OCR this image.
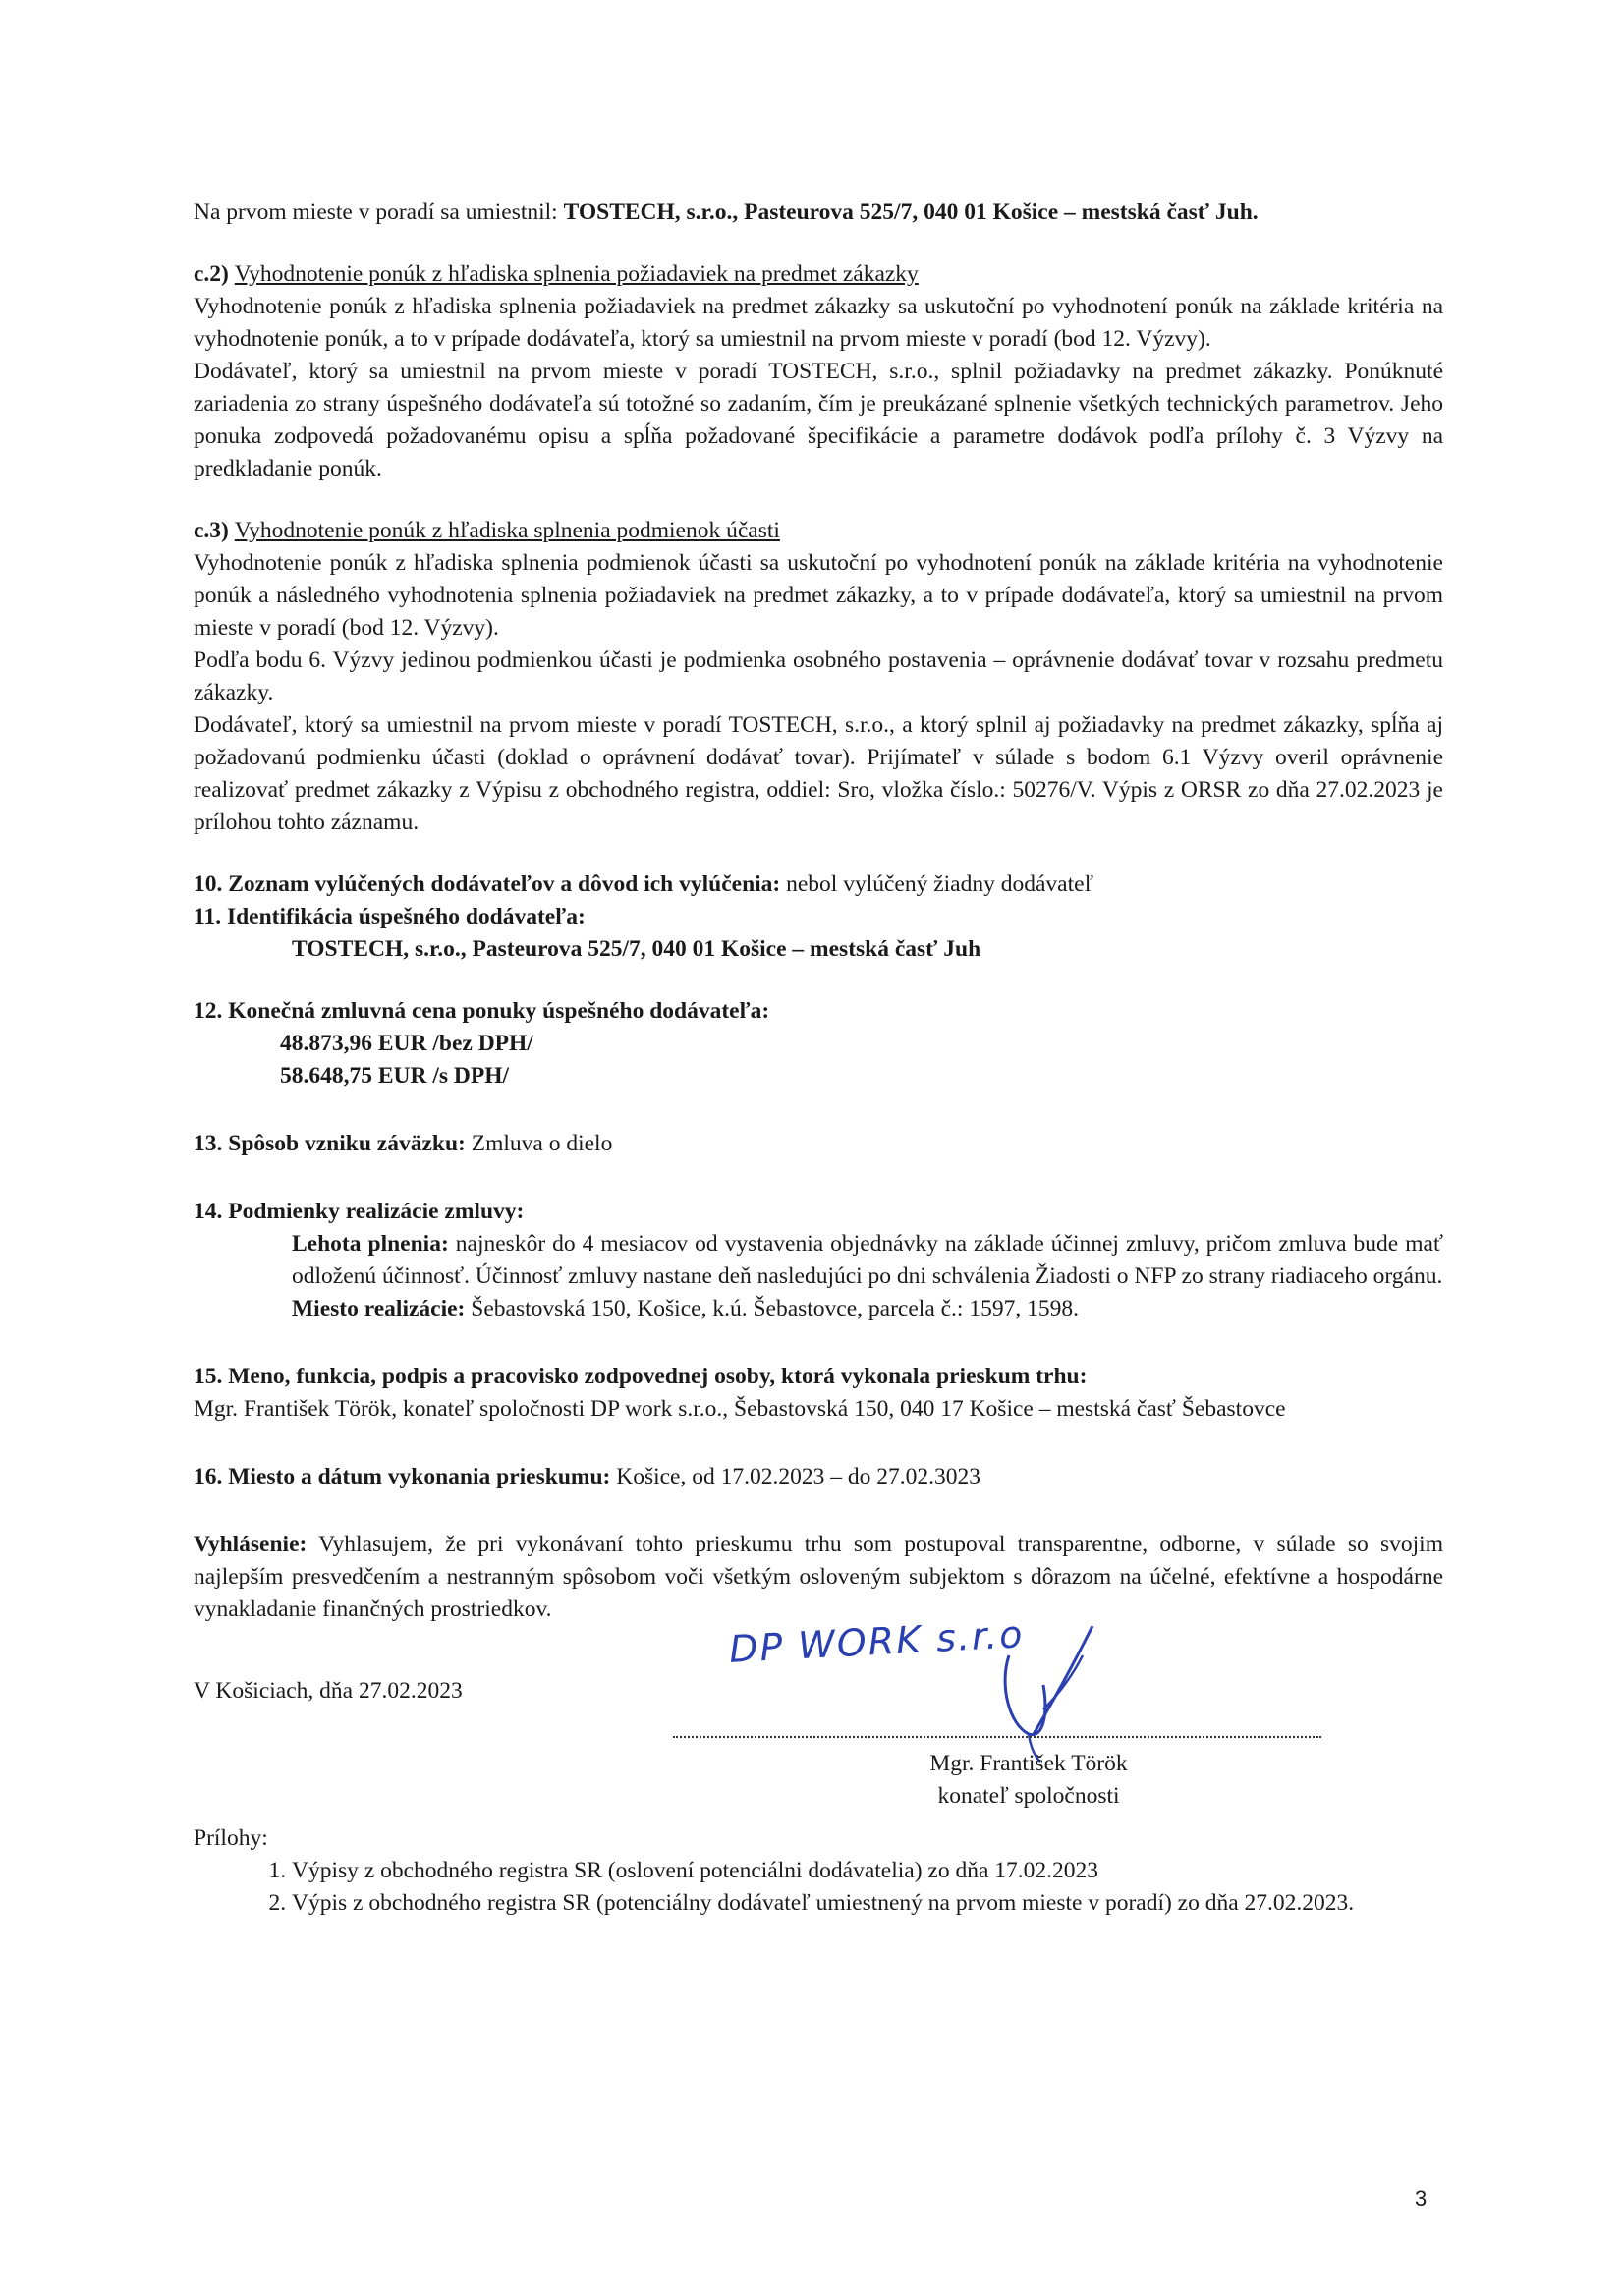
Na prvom mieste v poradí sa umiestnil: TOSTECH, s.r.o., Pasteurova 525/7, 040 01 Košice – mestská časť Juh.

c.2) Vyhodnotenie ponúk z hľadiska splnenia požiadaviek na predmet zákazky

Vyhodnotenie ponúk z hľadiska splnenia požiadaviek na predmet zákazky sa uskutoční po vyhodnotení ponúk na základe kritéria na vyhodnotenie ponúk, a to v prípade dodávateľa, ktorý sa umiestnil na prvom mieste v poradí (bod 12. Výzvy).

Dodávateľ, ktorý sa umiestnil na prvom mieste v poradí TOSTECH, s.r.o., splnil požiadavky na predmet zákazky. Ponúknuté zariadenia zo strany úspešného dodávateľa sú totožné so zadaním, čím je preukázané splnenie všetkých technických parametrov. Jeho ponuka zodpovedá požadovanému opisu a spĺňa požadované špecifikácie a parametre dodávok podľa prílohy č. 3 Výzvy na predkladanie ponúk.

c.3) Vyhodnotenie ponúk z hľadiska splnenia podmienok účasti

Vyhodnotenie ponúk z hľadiska splnenia podmienok účasti sa uskutoční po vyhodnotení ponúk na základe kritéria na vyhodnotenie ponúk a následného vyhodnotenia splnenia požiadaviek na predmet zákazky, a to v prípade dodávateľa, ktorý sa umiestnil na prvom mieste v poradí (bod 12. Výzvy).

Podľa bodu 6. Výzvy jedinou podmienkou účasti je podmienka osobného postavenia – oprávnenie dodávať tovar v rozsahu predmetu zákazky.

Dodávateľ, ktorý sa umiestnil na prvom mieste v poradí TOSTECH, s.r.o., a ktorý splnil aj požiadavky na predmet zákazky, spĺňa aj požadovanú podmienku účasti (doklad o oprávnení dodávať tovar). Prijímateľ v súlade s bodom 6.1 Výzvy overil oprávnenie realizovať predmet zákazky z Výpisu z obchodného registra, oddiel: Sro, vložka číslo.: 50276/V. Výpis z ORSR zo dňa 27.02.2023 je prílohou tohto záznamu.

10. Zoznam vylúčených dodávateľov a dôvod ich vylúčenia: nebol vylúčený žiadny dodávateľ

11. Identifikácia úspešného dodávateľa:

TOSTECH, s.r.o., Pasteurova 525/7, 040 01 Košice – mestská časť Juh

12. Konečná zmluvná cena ponuky úspešného dodávateľa:

48.873,96 EUR /bez DPH/

58.648,75 EUR /s DPH/

13. Spôsob vzniku záväzku: Zmluva o dielo

14. Podmienky realizácie zmluvy:

Lehota plnenia: najneskôr do 4 mesiacov od vystavenia objednávky na základe účinnej zmluvy, pričom zmluva bude mať odloženú účinnosť. Účinnosť zmluvy nastane deň nasledujúci po dni schválenia Žiadosti o NFP zo strany riadiaceho orgánu.

Miesto realizácie: Šebastovská 150, Košice, k.ú. Šebastovce, parcela č.: 1597, 1598.

15. Meno, funkcia, podpis a pracovisko zodpovednej osoby, ktorá vykonala prieskum trhu:

Mgr. František Török, konateľ spoločnosti DP work s.r.o., Šebastovská 150, 040 17 Košice – mestská časť Šebastovce

16. Miesto a dátum vykonania prieskumu: Košice, od 17.02.2023 – do 27.02.3023

Vyhlásenie: Vyhlasujem, že pri vykonávaní tohto prieskumu trhu som postupoval transparentne, odborne, v súlade so svojim najlepším presvedčením a nestranným spôsobom voči všetkým osloveným subjektom s dôrazom na účelné, efektívne a hospodárne vynakladanie finančných prostriedkov.

V Košiciach, dňa 27.02.2023
DP WORK s.r.o
Mgr. František Török
konateľ spoločnosti

Prílohy:

1. Výpisy z obchodného registra SR (oslovení potenciálni dodávatelia) zo dňa 17.02.2023
2. Výpis z obchodného registra SR (potenciálny dodávateľ umiestnený na prvom mieste v poradí) zo dňa 27.02.2023.
3
